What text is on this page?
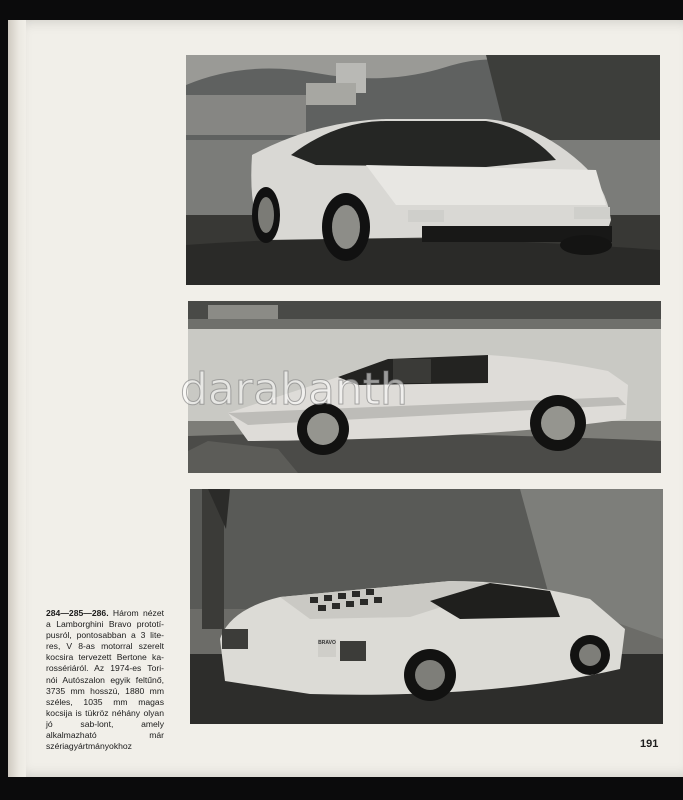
BRAVO

284—285—286. Három nézet a Lamborghini Bravo prototí-pusról, pontosabban a 3 lite-res, V 8-as motorral szerelt kocsira tervezett Bertone ka-rossériáról. Az 1974-es Tori-nói Autószalon egyik feltűnő, 3735 mm hosszú, 1880 mm széles, 1035 mm magas kocsija is tükröz néhány olyan jó sab-lont, amely alkalmazható már szériagyártmányokhoz	191
darabanth
